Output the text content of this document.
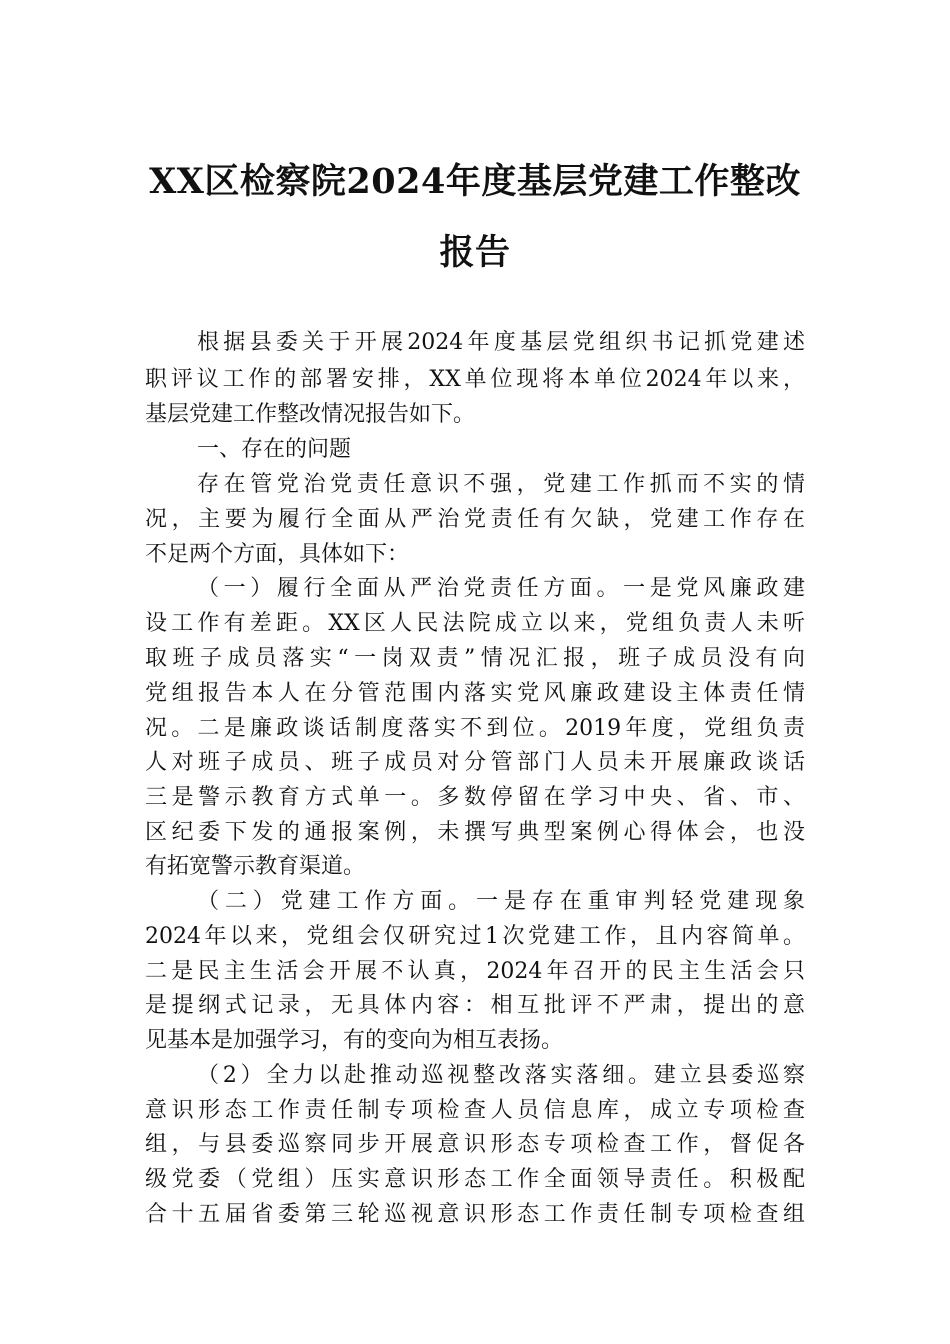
XX区检察院2024年度基层党建工作整改
报告
根据县委关于开展2024年度基层党组织书记抓党建述
职评议工作的部署安排，XX单位现将本单位2024年以来，
基层党建工作整改情况报告如下。
一、存在的问题
存在管党治党责任意识不强，党建工作抓而不实的情
况，主要为履行全面从严治党责任有欠缺，党建工作存在
不足两个方面，具体如下：
（一）履行全面从严治党责任方面。一是党风廉政建
设工作有差距。XX区人民法院成立以来，党组负责人未听
取班子成员落实“一岗双责”情况汇报，班子成员没有向
党组报告本人在分管范围内落实党风廉政建设主体责任情
况。二是廉政谈话制度落实不到位。2019年度，党组负责
人对班子成员、班子成员对分管部门人员未开展廉政谈话
三是警示教育方式单一。多数停留在学习中央、省、市、
区纪委下发的通报案例，未撰写典型案例心得体会，也没
有拓宽警示教育渠道。
（二）党建工作方面。一是存在重审判轻党建现象
2024年以来，党组会仅研究过1次党建工作，且内容简单。
二是民主生活会开展不认真，2024年召开的民主生活会只
是提纲式记录，无具体内容：相互批评不严肃，提出的意
见基本是加强学习，有的变向为相互表扬。
（2）全力以赴推动巡视整改落实落细。建立县委巡察
意识形态工作责任制专项检查人员信息库，成立专项检查
组，与县委巡察同步开展意识形态专项检查工作，督促各
级党委（党组）压实意识形态工作全面领导责任。积极配
合十五届省委第三轮巡视意识形态工作责任制专项检查组
